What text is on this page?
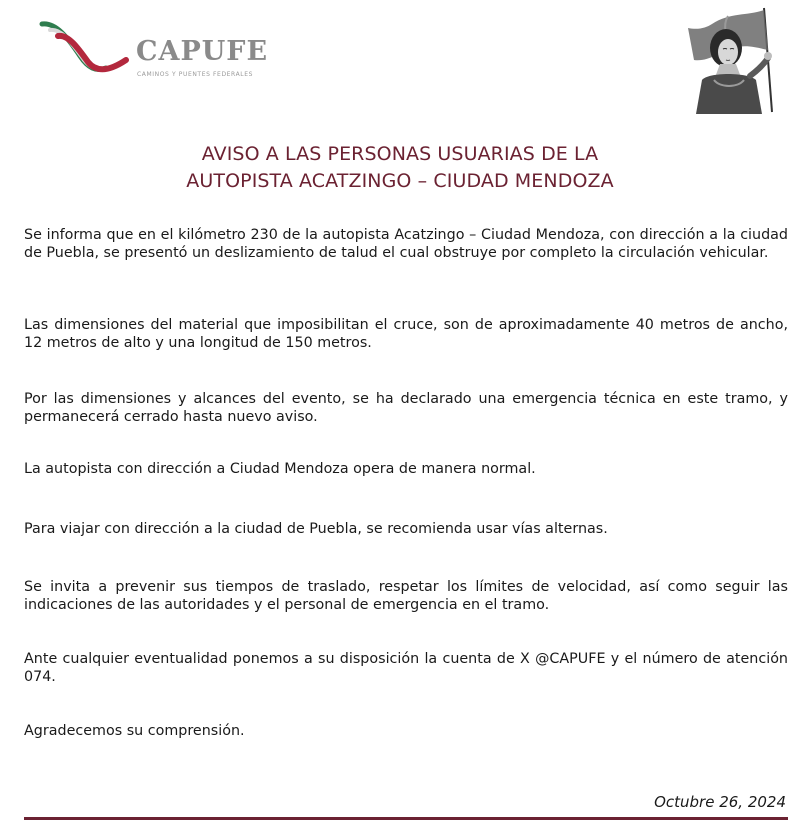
CAPUFE
CAMINOS Y PUENTES FEDERALES
AVISO A LAS PERSONAS USUARIAS DE LA
AUTOPISTA ACATZINGO – CIUDAD MENDOZA

Se informa que en el kilómetro 230 de la autopista Acatzingo – Ciudad Mendoza, con dirección a la ciudad de Puebla, se presentó un deslizamiento de talud el cual obstruye por completo la circulación vehicular.

Las dimensiones del material que imposibilitan el cruce, son de aproximadamente 40 metros de ancho, 12 metros de alto y una longitud de 150 metros.

Por las dimensiones y alcances del evento, se ha declarado una emergencia técnica en este tramo, y permanecerá cerrado hasta nuevo aviso.

La autopista con dirección a Ciudad Mendoza opera de manera normal.

Para viajar con dirección a la ciudad de Puebla, se recomienda usar vías alternas.

Se invita a prevenir sus tiempos de traslado, respetar los límites de velocidad, así como seguir las indicaciones de las autoridades y el personal de emergencia en el tramo.

Ante cualquier eventualidad ponemos a su disposición la cuenta de X @CAPUFE y el número de atención 074.

Agradecemos su comprensión.

Octubre 26, 2024
